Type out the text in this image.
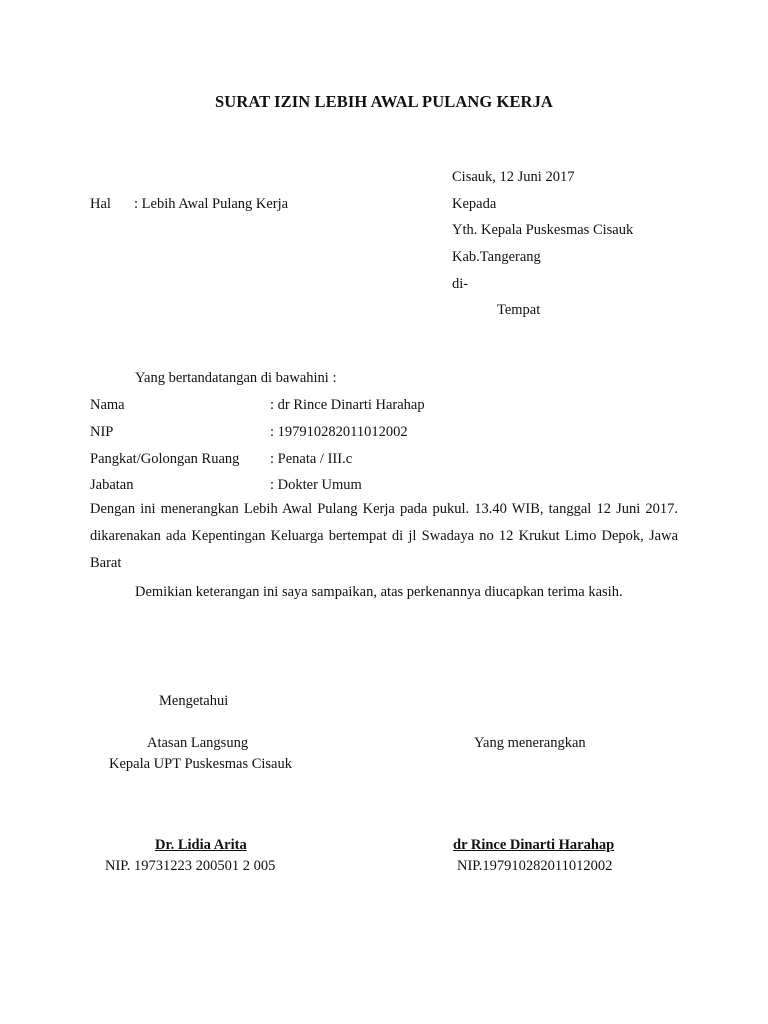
SURAT IZIN LEBIH AWAL PULANG KERJA
Cisauk, 12 Juni 2017
Hal : Lebih Awal Pulang Kerja	Kepada
Yth. Kepala Puskesmas Cisauk
Kab.Tangerang
di-
Tempat
Yang bertandatangan di bawahini :
Nama	: dr Rince Dinarti Harahap
NIP	: 197910282011012002
Pangkat/Golongan Ruang : Penata / III.c
Jabatan	: Dokter Umum
Dengan ini menerangkan Lebih Awal Pulang Kerja pada pukul. 13.40 WIB, tanggal 12 Juni 2017. dikarenakan ada Kepentingan Keluarga bertempat di jl Swadaya no 12 Krukut Limo Depok, Jawa Barat
Demikian keterangan ini saya sampaikan, atas perkenannya diucapkan terima kasih.
Mengetahui
Atasan Langsung
Kepala UPT Puskesmas Cisauk
Dr. Lidia Arita
NIP. 19731223 200501 2 005
Yang menerangkan
dr Rince Dinarti Harahap
NIP.197910282011012002
